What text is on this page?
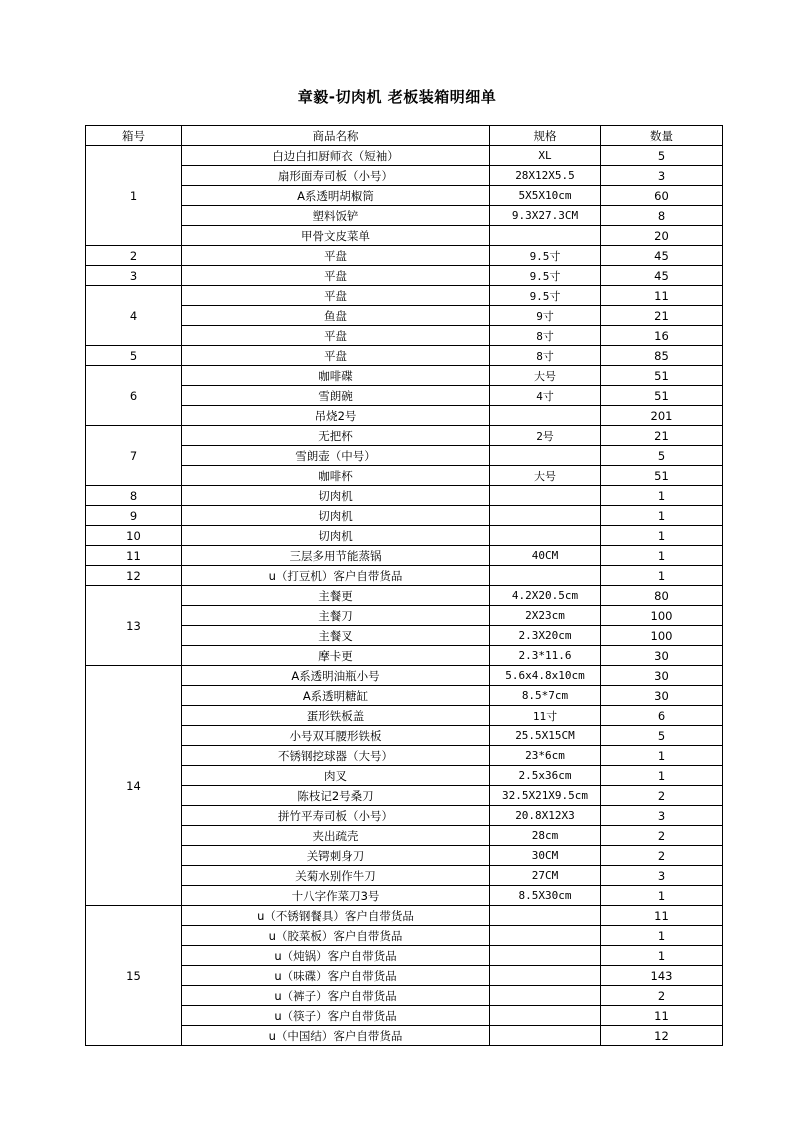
章毅-切肉机 老板装箱明细单
箱号	商品名称	规格	数量
1	白边白扣厨师衣（短袖）	XL	5
	扇形面寿司板（小号）	28X12X5.5	3
	A系透明胡椒筒	5X5X10cm	60
	塑料饭铲	9.3X27.3CM	8
	甲骨文皮菜单		20
2	平盘	9.5寸	45
3	平盘	9.5寸	45
4	平盘	9.5寸	11
	鱼盘	9寸	21
	平盘	8寸	16
5	平盘	8寸	85
6	咖啡碟	大号	51
	雪朗碗	4寸	51
	吊烧2号		201
7	无把杯	2号	21
	雪朗壶（中号）		5
	咖啡杯	大号	51
8	切肉机		1
9	切肉机		1
10	切肉机		1
11	三层多用节能蒸锅	40CM	1
12	u（打豆机）客户自带货品		1
13	主餐更	4.2X20.5cm	80
	主餐刀	2X23cm	100
	主餐叉	2.3X20cm	100
	摩卡更	2.3*11.6	30
14	A系透明油瓶小号	5.6x4.8x10cm	30
	A系透明糖缸	8.5*7cm	30
	蛋形铁板盖	11寸	6
	小号双耳腰形铁板	25.5X15CM	5
	不锈钢挖球器（大号）	23*6cm	1
	肉叉	2.5x36cm	1
	陈枝记2号桑刀	32.5X21X9.5cm	2
	拼竹平寿司板（小号）	20.8X12X3	3
	夹出疏壳	28cm	2
	关锷刺身刀	30CM	2
	关菊水别作牛刀	27CM	3
	十八字作菜刀3号	8.5X30cm	1
15	u（不锈钢餐具）客户自带货品		11
	u（胶菜板）客户自带货品		1
	u（炖锅）客户自带货品		1
	u（味碟）客户自带货品		143
	u（裤子）客户自带货品		2
	u（筷子）客户自带货品		11
	u（中国结）客户自带货品		12
